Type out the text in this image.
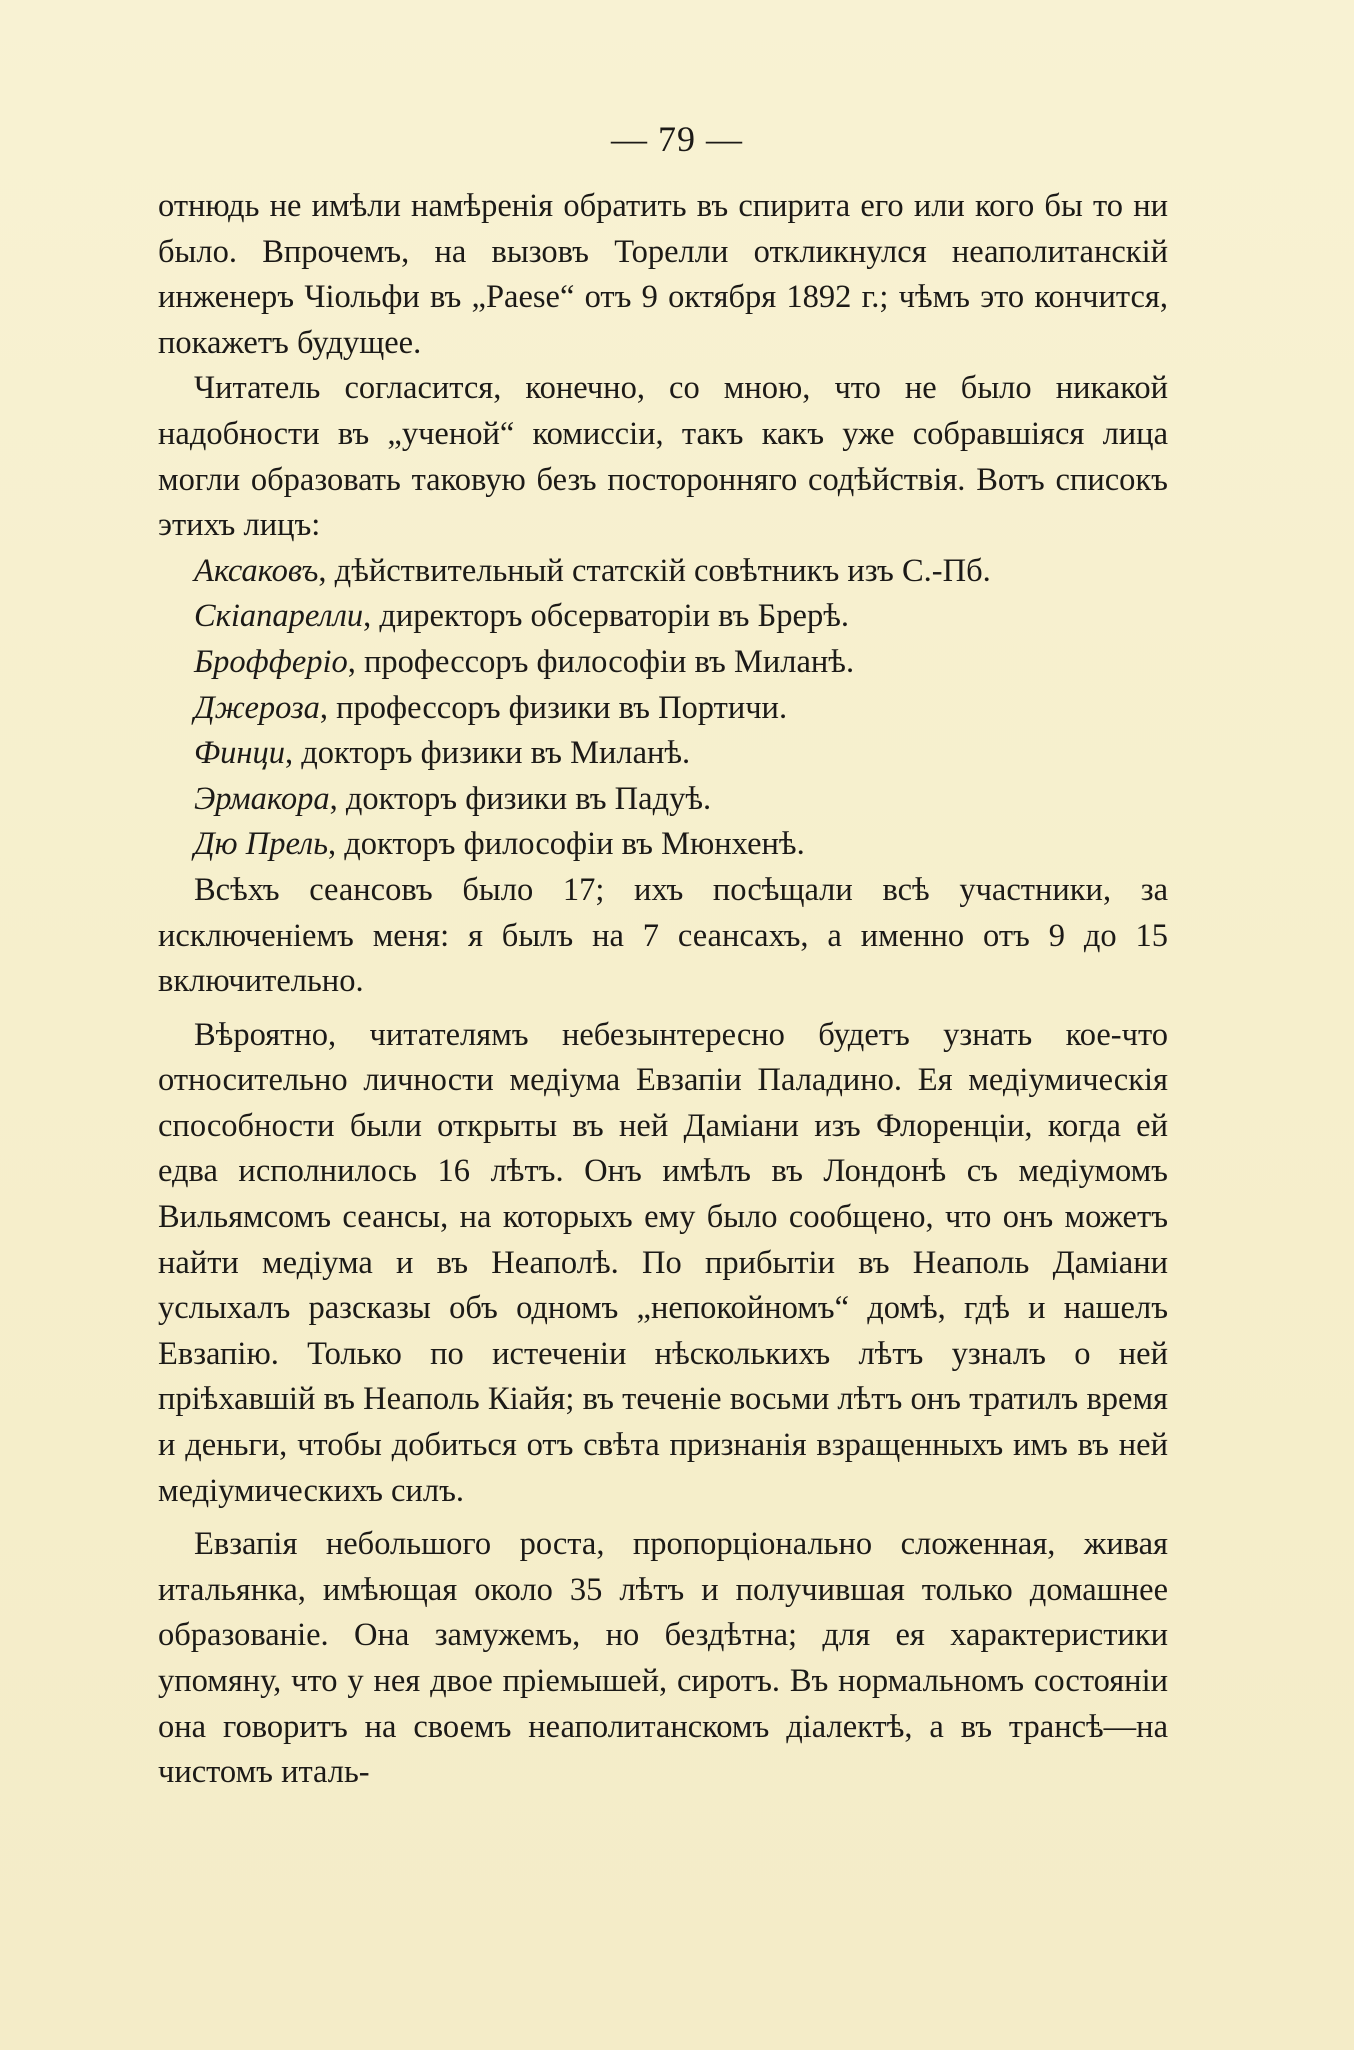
— 79 —

отнюдь не имѣли намѣренія обратить въ спирита его или кого бы то ни было. Впрочемъ, на вызовъ Торелли откликнулся неаполитанскій инженеръ Чіольфи въ „Paese“ отъ 9 октября 1892 г.; чѣмъ это кончится, покажетъ будущее.

Читатель согласится, конечно, со мною, что не было никакой надобности въ „ученой“ комиссіи, такъ какъ уже собравшіяся лица могли образовать таковую безъ посторонняго содѣйствія. Вотъ списокъ этихъ лицъ:

Аксаковъ, дѣйствительный статскій совѣтникъ изъ С.-Пб.

Скіапарелли, директоръ обсерваторіи въ Брерѣ.

Брофферіо, профессоръ философіи въ Миланѣ.

Джероза, профессоръ физики въ Портичи.

Финци, докторъ физики въ Миланѣ.

Эрмакора, докторъ физики въ Падуѣ.

Дю Прель, докторъ философіи въ Мюнхенѣ.

Всѣхъ сеансовъ было 17; ихъ посѣщали всѣ участники, за исключеніемъ меня: я былъ на 7 сеансахъ, а именно отъ 9 до 15 включительно.

Вѣроятно, читателямъ небезынтересно будетъ узнать кое-что относительно личности медіума Евзапіи Паладино. Ея медіумическія способности были открыты въ ней Даміани изъ Флоренціи, когда ей едва исполнилось 16 лѣтъ. Онъ имѣлъ въ Лондонѣ съ медіумомъ Вильямсомъ сеансы, на которыхъ ему было сообщено, что онъ можетъ найти медіума и въ Неаполѣ. По прибытіи въ Неаполь Даміани услыхалъ разсказы объ одномъ „непокойномъ“ домѣ, гдѣ и нашелъ Евзапію. Только по истеченіи нѣсколькихъ лѣтъ узналъ о ней пріѣхавшій въ Неаполь Кіайя; въ теченіе восьми лѣтъ онъ тратилъ время и деньги, чтобы добиться отъ свѣта признанія взращенныхъ имъ въ ней медіумическихъ силъ.

Евзапія небольшого роста, пропорціонально сложенная, живая итальянка, имѣющая около 35 лѣтъ и получившая только домашнее образованіе. Она замужемъ, но бездѣтна; для ея характеристики упомяну, что у нея двое пріемышей, сиротъ. Въ нормальномъ состояніи она говоритъ на своемъ неаполитанскомъ діалектѣ, а въ трансѣ—на чистомъ италь-
